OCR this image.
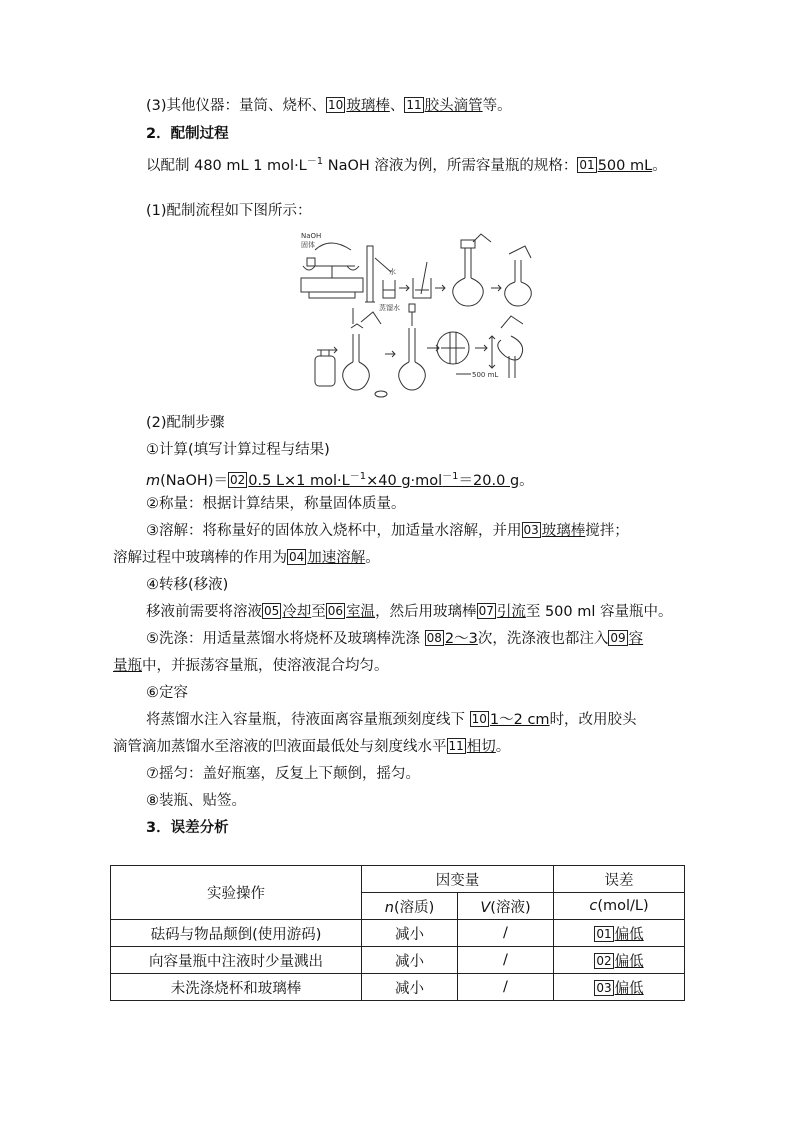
(3)其他仪器：量筒、烧杯、 10 玻璃棒、 11 胶头滴管等。
2．配制过程
以配制 480 mL 1 $mol\cdot L^{-1}$ NaOH 溶液为例，所需容量瓶的规格： 01 500 mL。
(1)配制流程如下图所示：
NaOH
固体
水
蒸馏水
500 mL
(2)配制步骤
①计算(填写计算过程与结果)
m(NaOH)＝ 02 0.5 L×1 $mol\cdot L^{-1}\times 40$ g·mol$^{-1}$＝20.0 g。
②称量：根据计算结果，称量固体质量。
③溶解：将称量好的固体放入烧杯中，加适量水溶解，并用 03 玻璃棒搅拌；
溶解过程中玻璃棒的作用为 04 加速溶解。
④转移(移液)
移液前需要将溶液 05 冷却至 06 室温，然后用玻璃棒 07 引流至 500 ml 容量瓶中。
⑤洗涤：用适量蒸馏水将烧杯及玻璃棒洗涤 08 2～3次，洗涤液也都注入 09 容
量瓶中，并振荡容量瓶，使溶液混合均匀。
⑥定容
将蒸馏水注入容量瓶，待液面离容量瓶颈刻度线下 10 1～2 cm时，改用胶头
滴管滴加蒸馏水至溶液的凹液面最低处与刻度线水平 11 相切。
⑦摇匀：盖好瓶塞，反复上下颠倒，摇匀。
⑧装瓶、贴签。
3．误差分析
实验操作	因变量		误差
	n(溶质)	V(溶液)	c(mol/L)
砝码与物品颠倒(使用游码)	减小	/	01 偏低
向容量瓶中注液时少量溅出	减小	/	02 偏低
未洗涤烧杯和玻璃棒	减小	/	03 偏低
